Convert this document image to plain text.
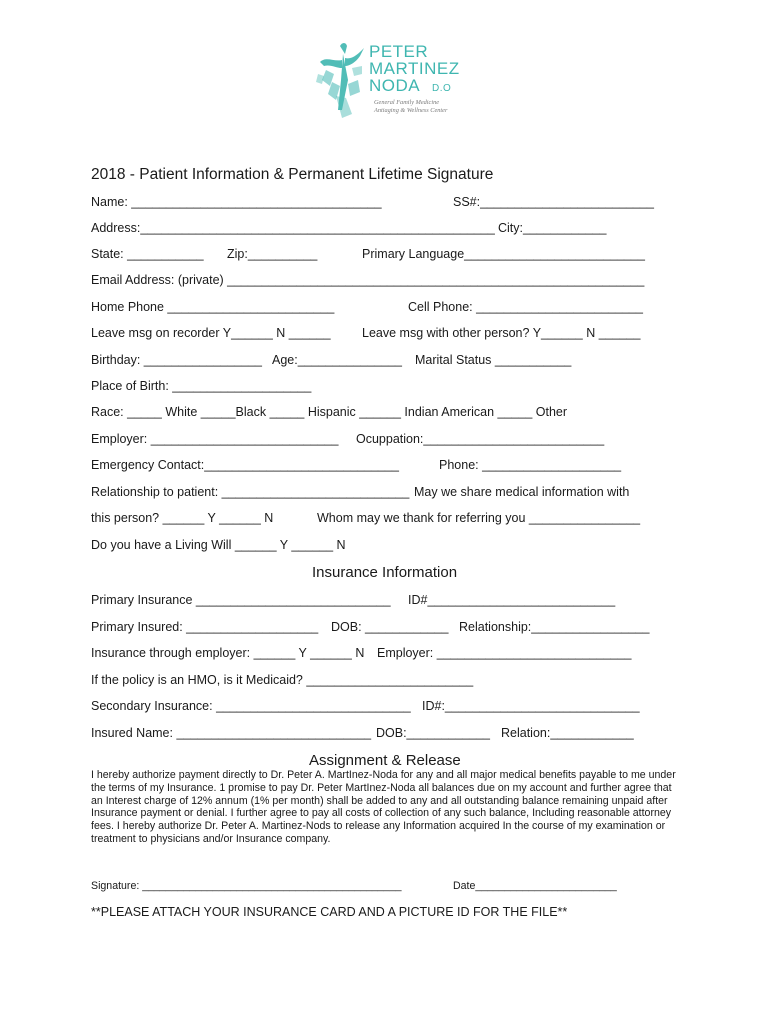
PETER
MARTINEZ
NODA D.O
General Family Medicine
Antiaging & Wellness Center
2018 - Patient Information & Permanent Lifetime Signature
Name: ____________________________________	SS#:_________________________
Address:___________________________________________________ City:____________
State: ___________ Zip:__________	Primary Language__________________________
Email Address: (private) ____________________________________________________________
Home Phone ________________________	Cell Phone: ________________________
Leave msg on recorder Y______ N ______	Leave msg with other person? Y______ N ______
Birthday: _________________ Age:_______________ Marital Status ___________
Place of Birth: ____________________
Race: _____ White _____Black _____ Hispanic ______ Indian American _____ Other
Employer: ___________________________ Ocuppation:__________________________
Emergency Contact:____________________________	Phone: ____________________
Relationship to patient: ___________________________ May we share medical information with
this person? ______ Y ______ N	Whom may we thank for referring you ________________
Do you have a Living Will ______ Y ______ N
Insurance Information
Primary Insurance ____________________________ ID#___________________________
Primary Insured: ___________________ DOB: ____________ Relationship:_________________
Insurance through employer: ______ Y ______ N Employer: ____________________________
If the policy is an HMO, is it Medicaid? ________________________
Secondary Insurance: ____________________________ ID#:____________________________
Insured Name: ____________________________ DOB:____________ Relation:____________
Assignment & Release
I hereby authorize payment directly to Dr. Peter A. MartInez-Noda for any and all major medical benefits payable to me under the terms of my Insurance. 1 promise to pay Dr. Peter MartInez-Noda all balances due on my account and further agree that an Interest charge of 12% annum (1% per month) shall be added to any and all outstanding balance remaining unpaid after Insurance payment or denial. I further agree to pay all costs of collection of any such balance, Including reasonable attorney fees. I hereby authorize Dr. Peter A. Martinez-Nods to release any Information acquired In the course of my examination or treatment to physicians and/or Insurance company.
Signature: ____________________________________________	Date________________________
**PLEASE ATTACH YOUR INSURANCE CARD AND A PICTURE ID FOR THE FILE**
